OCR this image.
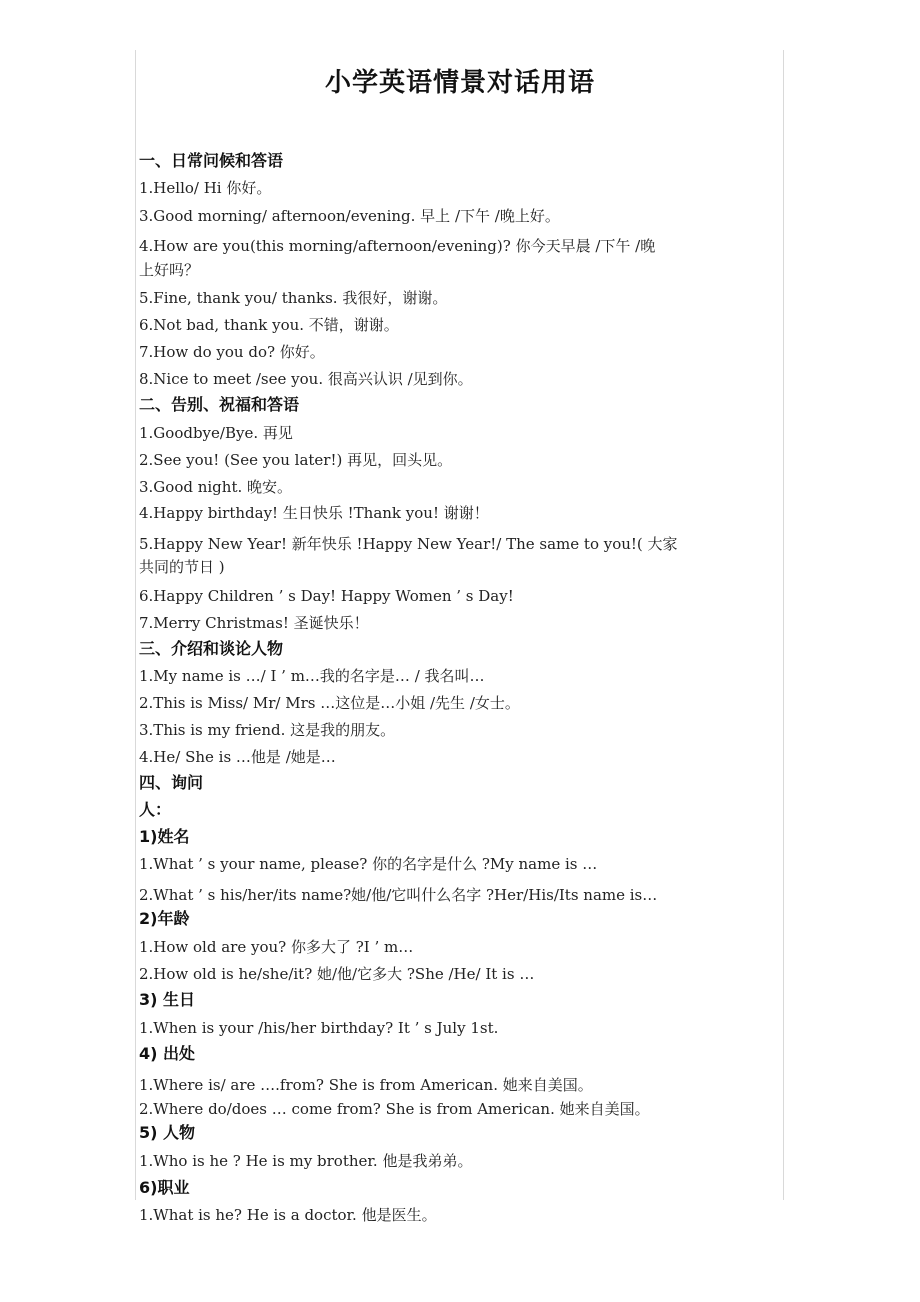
小学英语情景对话用语
一、日常问候和答语
1.Hello/ Hi 你好。
3.Good morning/ afternoon/evening. 早上 /下午 /晚上好。
4.How are you(this morning/afternoon/evening)? 你今天早晨 /下午 /晚
上好吗？
5.Fine, thank you/ thanks. 我很好，谢谢。
6.Not bad, thank you. 不错，谢谢。
7.How do you do? 你好。
8.Nice to meet /see you. 很高兴认识 /见到你。
二、告别、祝福和答语
1.Goodbye/Bye. 再见
2.See you! (See you later!) 再见，回头见。
3.Good night. 晚安。
4.Happy birthday! 生日快乐 !Thank you! 谢谢！
5.Happy New Year! 新年快乐 !Happy New Year!/ The same to you!( 大家
共同的节日 )
6.Happy Children ’ s Day! Happy Women ’ s Day!
7.Merry Christmas! 圣诞快乐！
三、介绍和谈论人物
1.My name is …/ I ’ m…我的名字是… / 我名叫…
2.This is Miss/ Mr/ Mrs …这位是…小姐 /先生 /女士。
3.This is my friend. 这是我的朋友。
4.He/ She is …他是 /她是…
四、询问
人：
1)姓名
1.What ’ s your name, please? 你的名字是什么 ?My name is …
2.What ’ s his/her/its name?她/他/它叫什么名字 ?Her/His/Its name is…
2)年龄
1.How old are you? 你多大了 ?I ’ m…
2.How old is he/she/it? 她/他/它多大 ?She /He/ It is …
3) 生日
1.When is your /his/her birthday? It ’ s July 1st.
4) 出处
1.Where is/ are ….from? She is from American. 她来自美国。
2.Where do/does … come from? She is from American. 她来自美国。
5) 人物
1.Who is he ? He is my brother. 他是我弟弟。
6)职业
1.What is he? He is a doctor. 他是医生。
